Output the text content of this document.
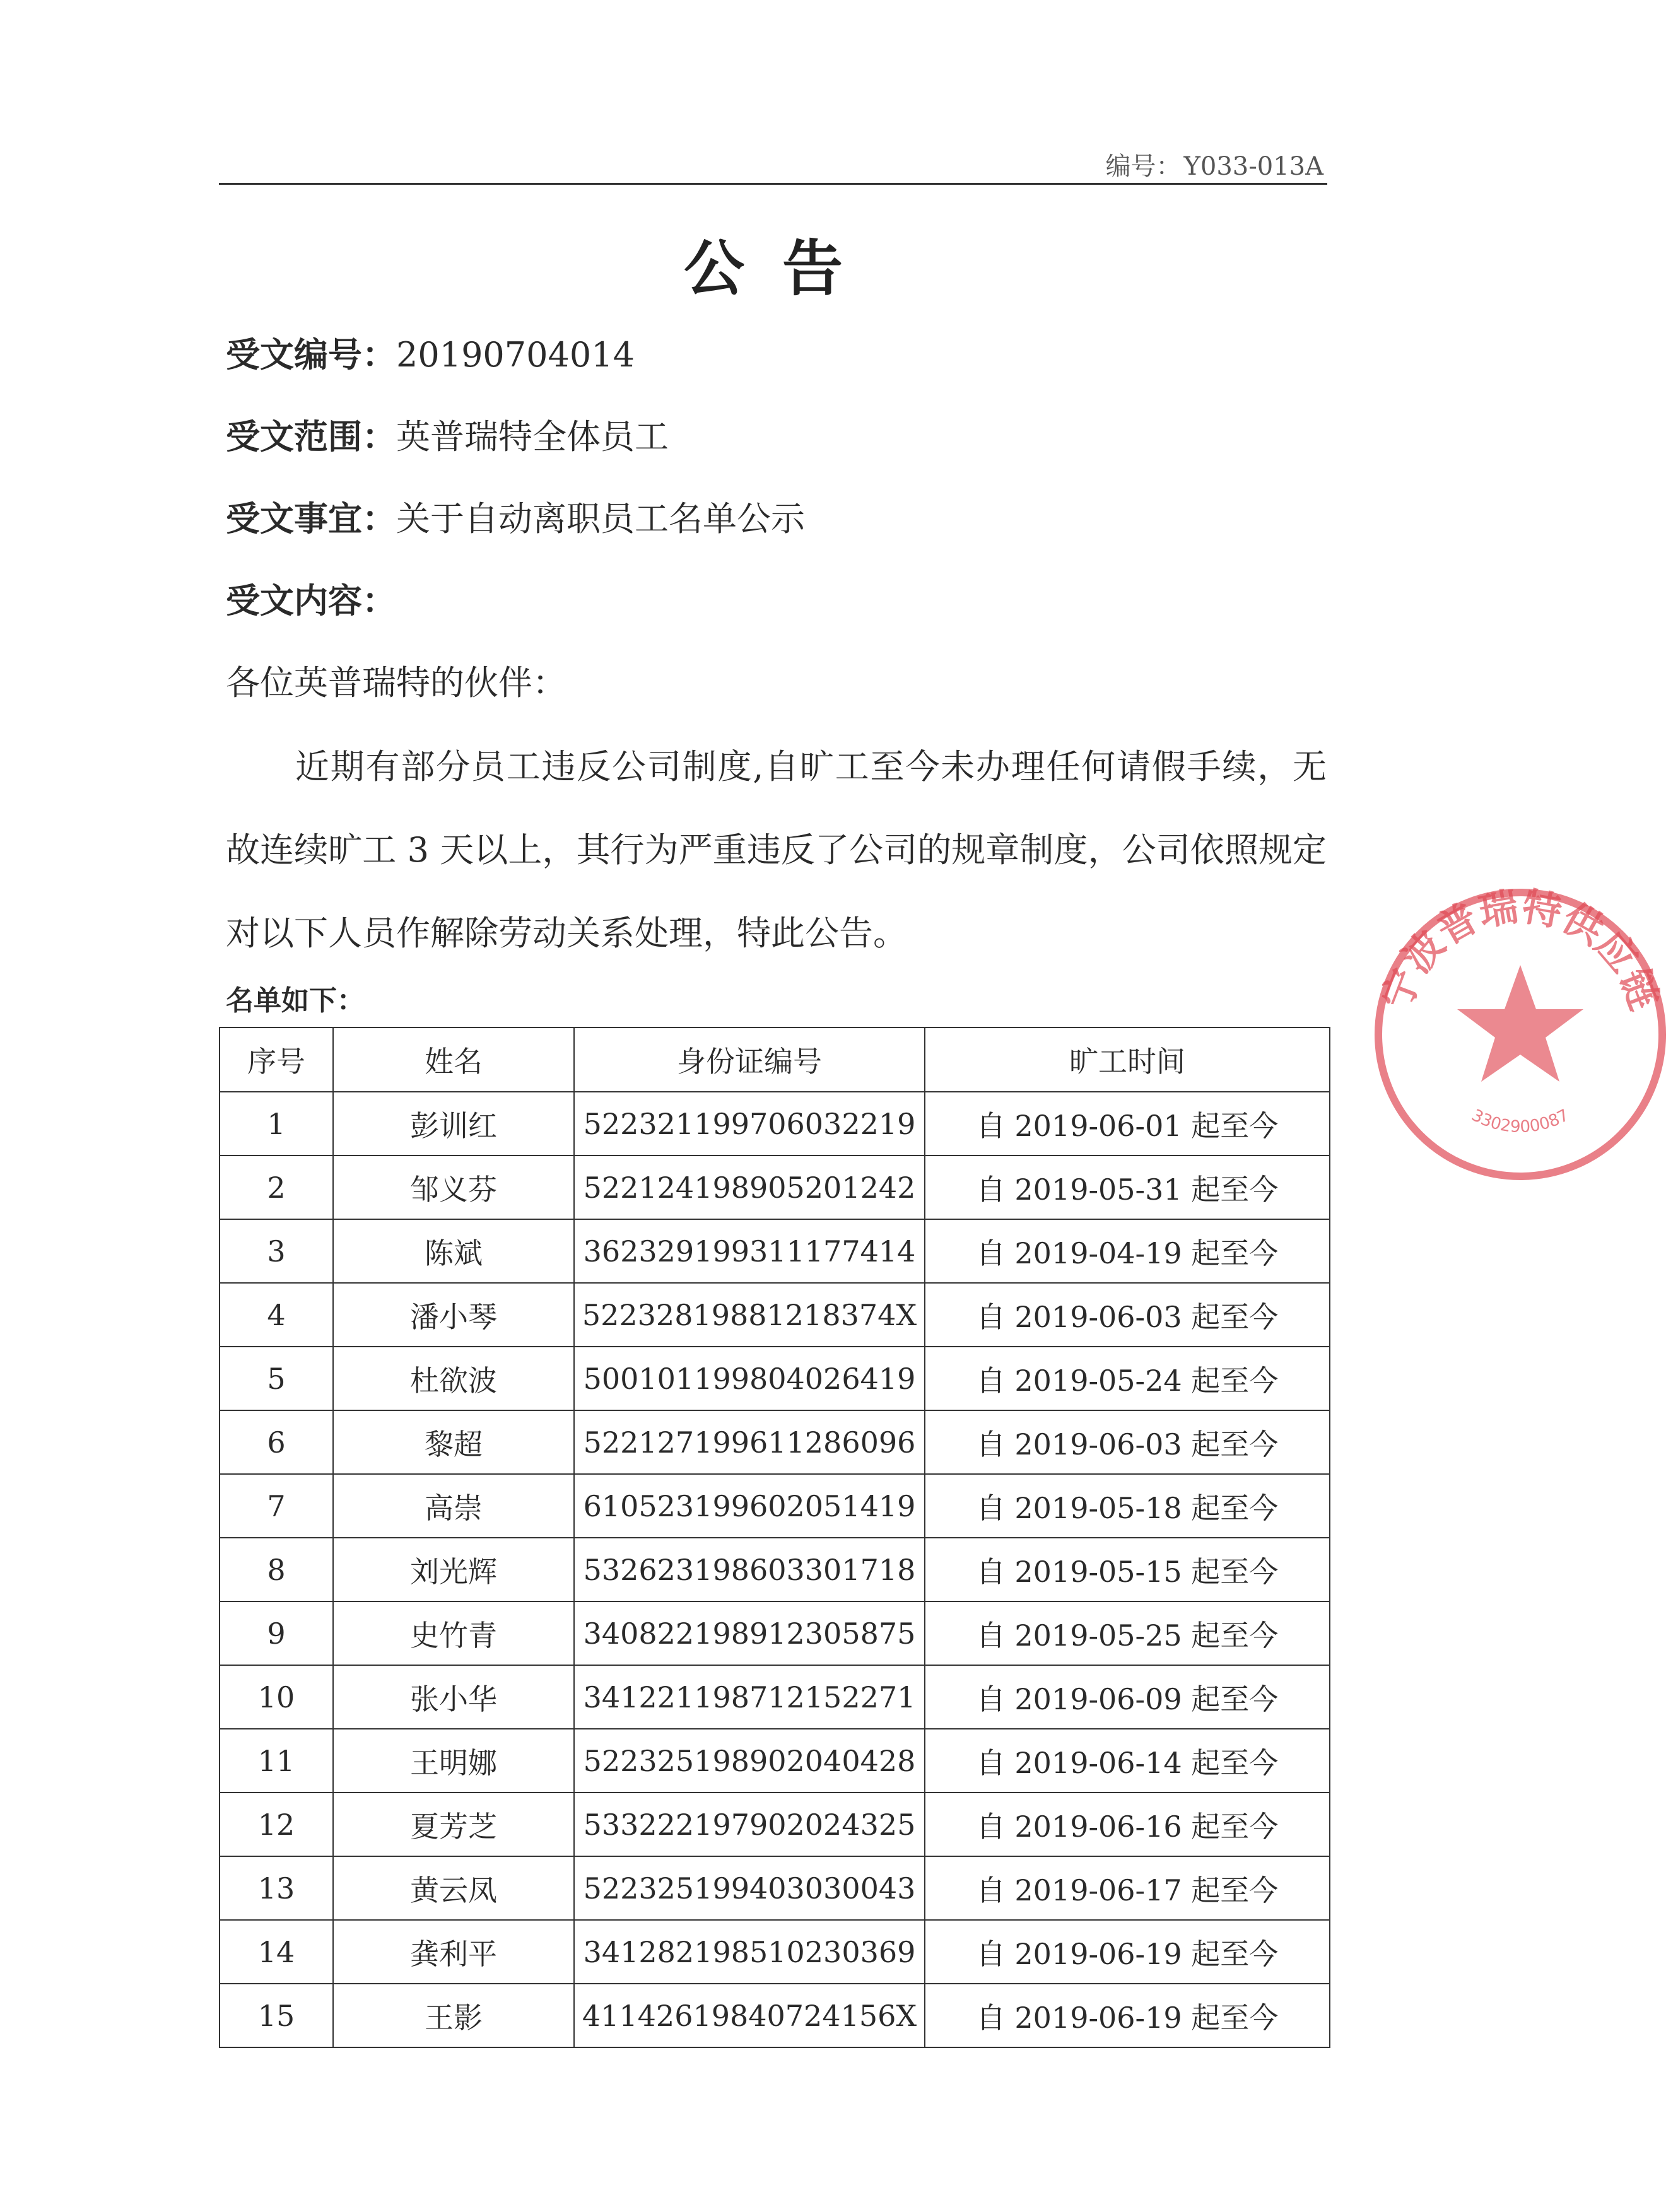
编号： Y033-013A
公告
受文编号：20190704014
受文范围：英普瑞特全体员工
受文事宜：关于自动离职员工名单公示
受文内容：
各位英普瑞特的伙伴：
近期有部分员工违反公司制度,自旷工至今未办理任何请假手续，无故连续旷工 3 天以上，其行为严重违反了公司的规章制度，公司依照规定对以下人员作解除劳动关系处理，特此公告。
名单如下：
序号	姓名	身份证编号	旷工时间
1	彭训红	522321199706032219	自 2019-06-01 起至今
2	邹义芬	522124198905201242	自 2019-05-31 起至今
3	陈斌	362329199311177414	自 2019-04-19 起至今
4	潘小琴	52232819881218374X	自 2019-06-03 起至今
5	杜欲波	500101199804026419	自 2019-05-24 起至今
6	黎超	522127199611286096	自 2019-06-03 起至今
7	高崇	610523199602051419	自 2019-05-18 起至今
8	刘光辉	532623198603301718	自 2019-05-15 起至今
9	史竹青	340822198912305875	自 2019-05-25 起至今
10	张小华	341221198712152271	自 2019-06-09 起至今
11	王明娜	522325198902040428	自 2019-06-14 起至今
12	夏芳芝	533222197902024325	自 2019-06-16 起至今
13	黄云凤	522325199403030043	自 2019-06-17 起至今
14	龚利平	341282198510230369	自 2019-06-19 起至今
15	王影	41142619840724156X	自 2019-06-19 起至今
宁波普瑞特供应链
3302900087
